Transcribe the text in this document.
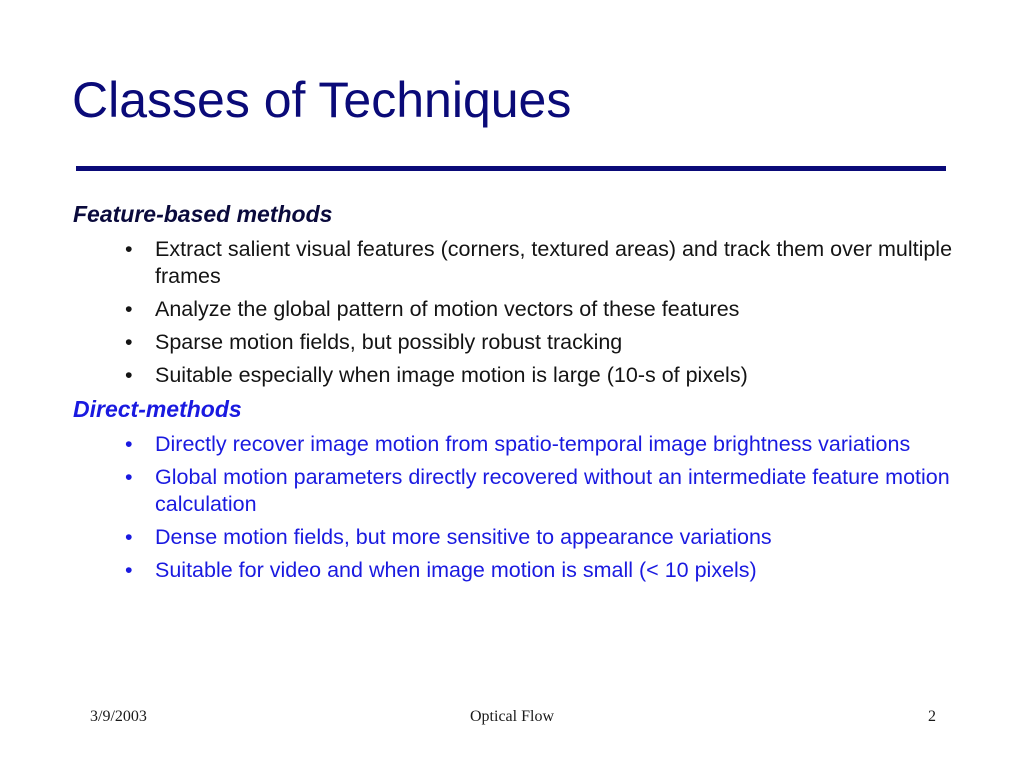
Classes of Techniques

Feature-based methods

• Extract salient visual features (corners, textured areas) and track them over multiple frames
• Analyze the global pattern of motion vectors of these features
• Sparse motion fields, but possibly robust tracking
• Suitable especially when image motion is large (10-s of pixels)

Direct-methods

• Directly recover image motion from spatio-temporal image brightness variations
• Global motion parameters directly recovered without an intermediate feature motion calculation
• Dense motion fields, but more sensitive to appearance variations
• Suitable for video and when image motion is small (< 10 pixels)
3/9/2003	Optical Flow	2
